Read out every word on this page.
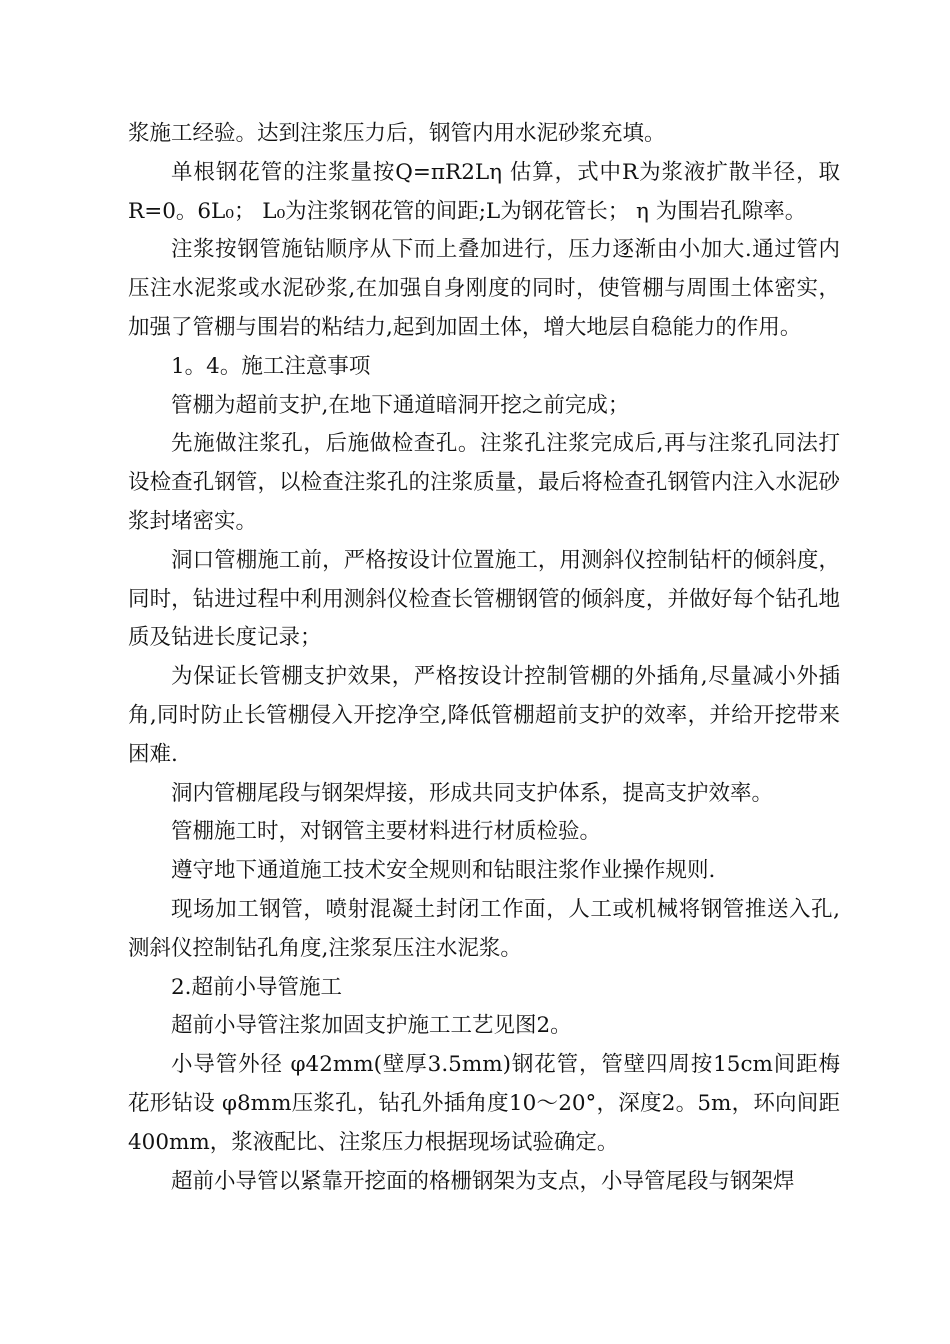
浆施工经验。达到注浆压力后，钢管内用水泥砂浆充填。

单根钢花管的注浆量按Q=πR2Lη 估算，式中R为浆液扩散半径，取R=0。6L₀； L₀为注浆钢花管的间距;L为钢花管长； η 为围岩孔隙率。

注浆按钢管施钻顺序从下而上叠加进行，压力逐渐由小加大.通过管内压注水泥浆或水泥砂浆,在加强自身刚度的同时，使管棚与周围土体密实，加强了管棚与围岩的粘结力,起到加固土体，增大地层自稳能力的作用。

1。4。施工注意事项

管棚为超前支护,在地下通道暗洞开挖之前完成；

先施做注浆孔，后施做检查孔。注浆孔注浆完成后,再与注浆孔同法打设检查孔钢管，以检查注浆孔的注浆质量，最后将检查孔钢管内注入水泥砂浆封堵密实。

洞口管棚施工前，严格按设计位置施工，用测斜仪控制钻杆的倾斜度，同时，钻进过程中利用测斜仪检查长管棚钢管的倾斜度，并做好每个钻孔地质及钻进长度记录；

为保证长管棚支护效果，严格按设计控制管棚的外插角,尽量减小外插角,同时防止长管棚侵入开挖净空,降低管棚超前支护的效率，并给开挖带来困难.

洞内管棚尾段与钢架焊接，形成共同支护体系，提高支护效率。

管棚施工时，对钢管主要材料进行材质检验。

遵守地下通道施工技术安全规则和钻眼注浆作业操作规则.

现场加工钢管，喷射混凝土封闭工作面，人工或机械将钢管推送入孔,测斜仪控制钻孔角度,注浆泵压注水泥浆。

2.超前小导管施工

超前小导管注浆加固支护施工工艺见图2。

小导管外径 φ42mm(壁厚3.5mm)钢花管，管壁四周按15cm间距梅花形钻设 φ8mm压浆孔，钻孔外插角度10～20°，深度2。5m，环向间距400mm，浆液配比、注浆压力根据现场试验确定。

超前小导管以紧靠开挖面的格栅钢架为支点，小导管尾段与钢架焊
